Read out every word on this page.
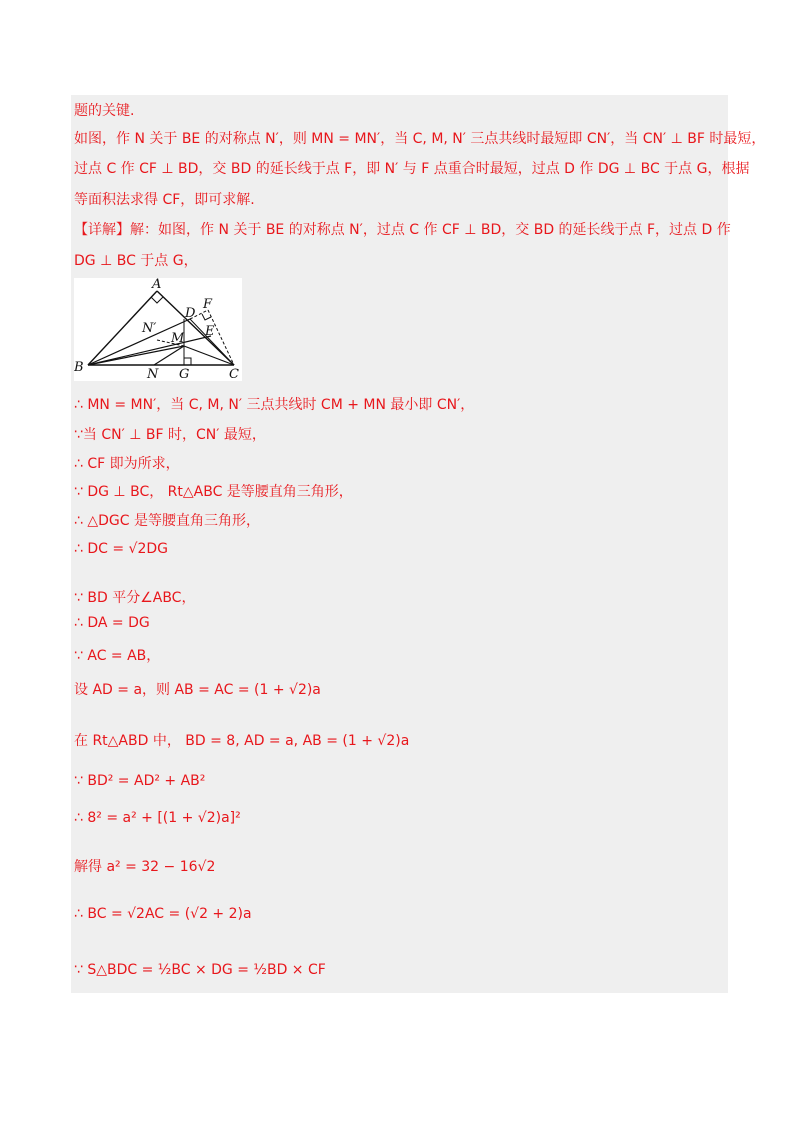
题的关键.
如图，作 N 关于 BE 的对称点 N′，则 MN = MN′，当 C, M, N′ 三点共线时最短即 CN′，当 CN′ ⊥ BF 时最短，
过点 C 作 CF ⊥ BD，交 BD 的延长线于点 F，即 N′ 与 F 点重合时最短，过点 D 作 DG ⊥ BC 于点 G，根据
等面积法求得 CF，即可求解.
【详解】解：如图，作 N 关于 BE 的对称点 N′，过点 C 作 CF ⊥ BD，交 BD 的延长线于点 F，过点 D 作
DG ⊥ BC 于点 G，
A
B	C
D
E
F
G
M
N
N′
∴ MN = MN′，当 C, M, N′ 三点共线时 CM + MN 最小即 CN′，
∵当 CN′ ⊥ BF 时，CN′ 最短，
∴ CF 即为所求，
∵ DG ⊥ BC， Rt△ABC 是等腰直角三角形，
∴ △DGC 是等腰直角三角形，
∴ DC = √2DG
∵ BD 平分∠ABC，
∴ DA = DG
∵ AC = AB，
设 AD = a，则 AB = AC = (1 + √2)a
在 Rt△ABD 中， BD = 8, AD = a, AB = (1 + √2)a
∵ BD² = AD² + AB²
∴ 8² = a² + [(1 + √2)a]²
解得 a² = 32 − 16√2
∴ BC = √2AC = (√2 + 2)a
∵ S△BDC = ½BC × DG = ½BD × CF
